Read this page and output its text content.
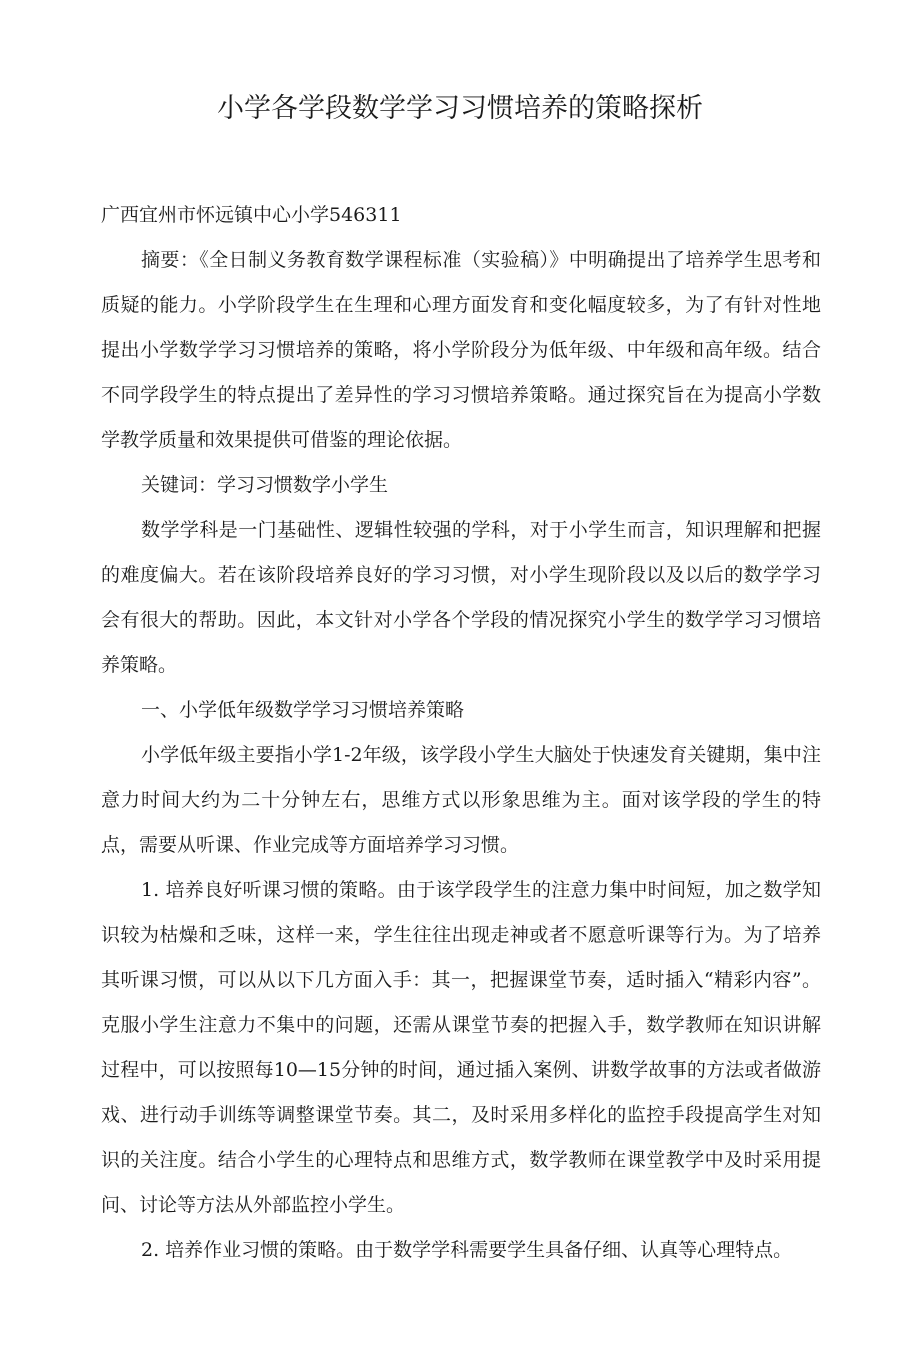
小学各学段数学学习习惯培养的策略探析

广西宜州市怀远镇中心小学546311

摘要：《全日制义务教育数学课程标准（实验稿）》中明确提出了培养学生思考和质疑的能力。小学阶段学生在生理和心理方面发育和变化幅度较多，为了有针对性地提出小学数学学习习惯培养的策略，将小学阶段分为低年级、中年级和高年级。结合不同学段学生的特点提出了差异性的学习习惯培养策略。通过探究旨在为提高小学数学教学质量和效果提供可借鉴的理论依据。

关键词：学习习惯数学小学生

数学学科是一门基础性、逻辑性较强的学科，对于小学生而言，知识理解和把握的难度偏大。若在该阶段培养良好的学习习惯，对小学生现阶段以及以后的数学学习会有很大的帮助。因此，本文针对小学各个学段的情况探究小学生的数学学习习惯培养策略。

一、小学低年级数学学习习惯培养策略

小学低年级主要指小学1-2年级，该学段小学生大脑处于快速发育关键期，集中注意力时间大约为二十分钟左右，思维方式以形象思维为主。面对该学段的学生的特点，需要从听课、作业完成等方面培养学习习惯。

1. 培养良好听课习惯的策略。由于该学段学生的注意力集中时间短，加之数学知识较为枯燥和乏味，这样一来，学生往往出现走神或者不愿意听课等行为。为了培养其听课习惯，可以从以下几方面入手：其一，把握课堂节奏，适时插入“精彩内容”。克服小学生注意力不集中的问题，还需从课堂节奏的把握入手，数学教师在知识讲解过程中，可以按照每10—15分钟的时间，通过插入案例、讲数学故事的方法或者做游戏、进行动手训练等调整课堂节奏。其二，及时采用多样化的监控手段提高学生对知识的关注度。结合小学生的心理特点和思维方式，数学教师在课堂教学中及时采用提问、讨论等方法从外部监控小学生。

2. 培养作业习惯的策略。由于数学学科需要学生具备仔细、认真等心理特点。
